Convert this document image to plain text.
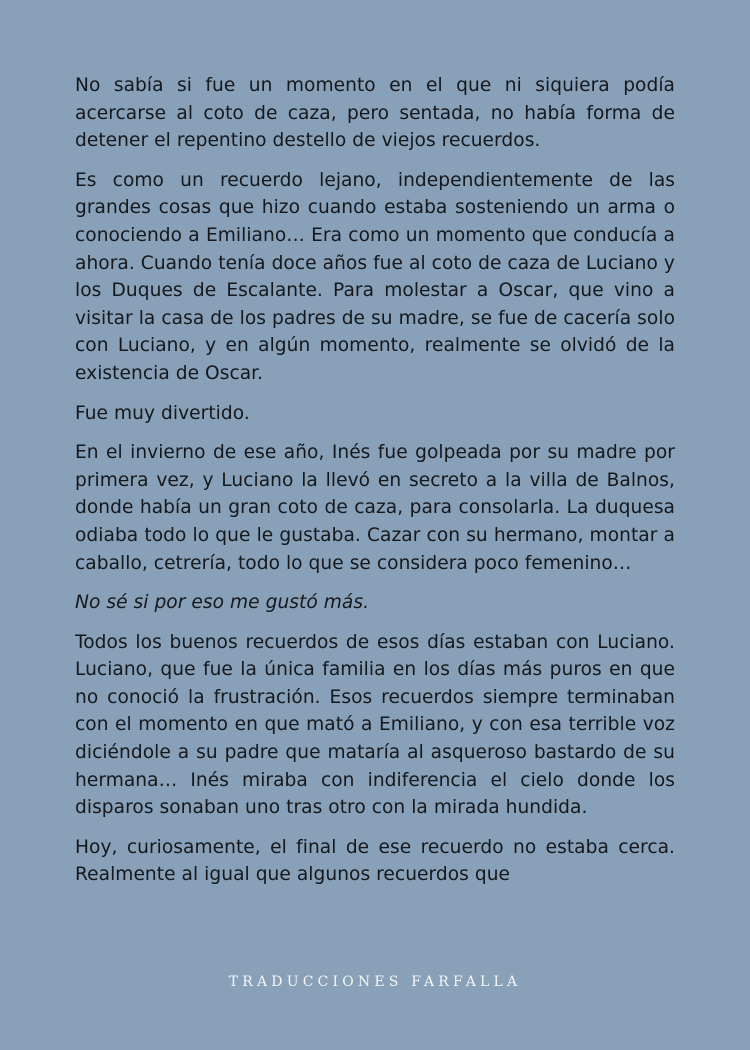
No sabía si fue un momento en el que ni siquiera podía acercarse al coto de caza, pero sentada, no había forma de detener el repentino destello de viejos recuerdos.

Es como un recuerdo lejano, independientemente de las grandes cosas que hizo cuando estaba sosteniendo un arma o conociendo a Emiliano… Era como un momento que conducía a ahora. Cuando tenía doce años fue al coto de caza de Luciano y los Duques de Escalante. Para molestar a Oscar, que vino a visitar la casa de los padres de su madre, se fue de cacería solo con Luciano, y en algún momento, realmente se olvidó de la existencia de Oscar.

Fue muy divertido.

En el invierno de ese año, Inés fue golpeada por su madre por primera vez, y Luciano la llevó en secreto a la villa de Balnos, donde había un gran coto de caza, para consolarla. La duquesa odiaba todo lo que le gustaba. Cazar con su hermano, montar a caballo, cetrería, todo lo que se considera poco femenino…

No sé si por eso me gustó más.

Todos los buenos recuerdos de esos días estaban con Luciano. Luciano, que fue la única familia en los días más puros en que no conoció la frustración. Esos recuerdos siempre terminaban con el momento en que mató a Emiliano, y con esa terrible voz diciéndole a su padre que mataría al asqueroso bastardo de su hermana… Inés miraba con indiferencia el cielo donde los disparos sonaban uno tras otro con la mirada hundida.

Hoy, curiosamente, el final de ese recuerdo no estaba cerca. Realmente al igual que algunos recuerdos que

TRADUCCIONES FARFALLA
